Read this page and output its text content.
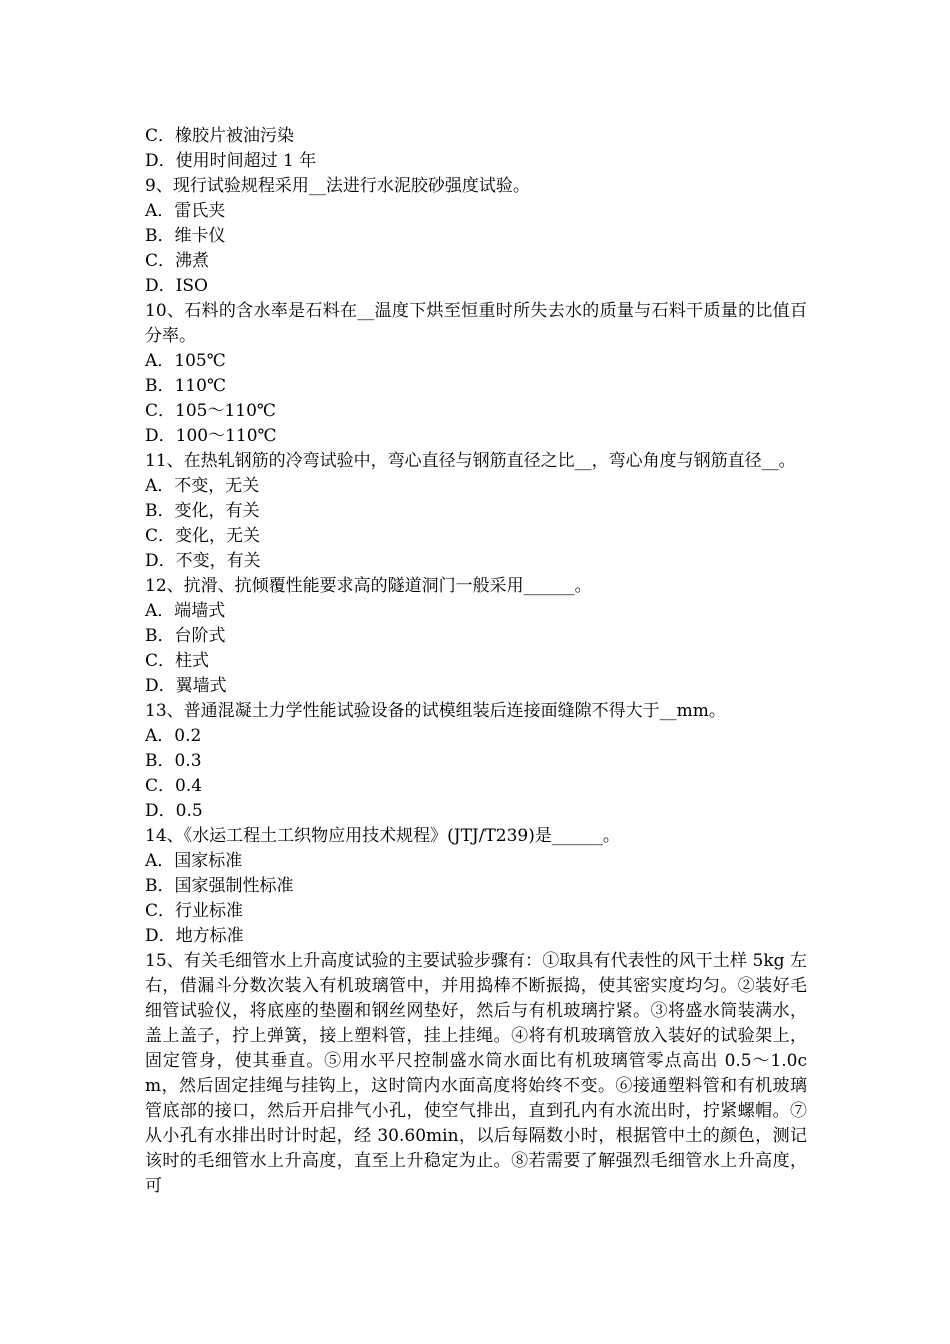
C．橡胶片被油污染
D．使用时间超过 1 年
9、现行试验规程采用__法进行水泥胶砂强度试验。
A．雷氏夹
B．维卡仪
C．沸煮
D．ISO
10、石料的含水率是石料在__温度下烘至恒重时所失去水的质量与石料干质量的比值百分率。
A．105℃
B．110℃
C．105～110℃
D．100～110℃
11、在热轧钢筋的冷弯试验中，弯心直径与钢筋直径之比__，弯心角度与钢筋直径__。
A．不变，无关
B．变化，有关
C．变化，无关
D．不变，有关
12、抗滑、抗倾覆性能要求高的隧道洞门一般采用______。
A．端墙式
B．台阶式
C．柱式
D．翼墙式
13、普通混凝土力学性能试验设备的试模组装后连接面缝隙不得大于__mm。
A．0.2
B．0.3
C．0.4
D．0.5
14、《水运工程土工织物应用技术规程》(JTJ/T239)是______。
A．国家标准
B．国家强制性标准
C．行业标准
D．地方标准
15、有关毛细管水上升高度试验的主要试验步骤有：①取具有代表性的风干土样 5kg 左右，借漏斗分数次装入有机玻璃管中，并用捣棒不断振捣，使其密实度均匀。②装好毛细管试验仪，将底座的垫圈和钢丝网垫好，然后与有机玻璃拧紧。③将盛水筒装满水，盖上盖子，拧上弹簧，接上塑料管，挂上挂绳。④将有机玻璃管放入装好的试验架上，固定管身，使其垂直。⑤用水平尺控制盛水筒水面比有机玻璃管零点高出 0.5～1.0cm，然后固定挂绳与挂钩上，这时筒内水面高度将始终不变。⑥接通塑料管和有机玻璃管底部的接口，然后开启排气小孔，使空气排出，直到孔内有水流出时，拧紧螺帽。⑦从小孔有水排出时计时起，经 30.60min，以后每隔数小时，根据管中土的颜色，测记该时的毛细管水上升高度，直至上升稳定为止。⑧若需要了解强烈毛细管水上升高度，可
